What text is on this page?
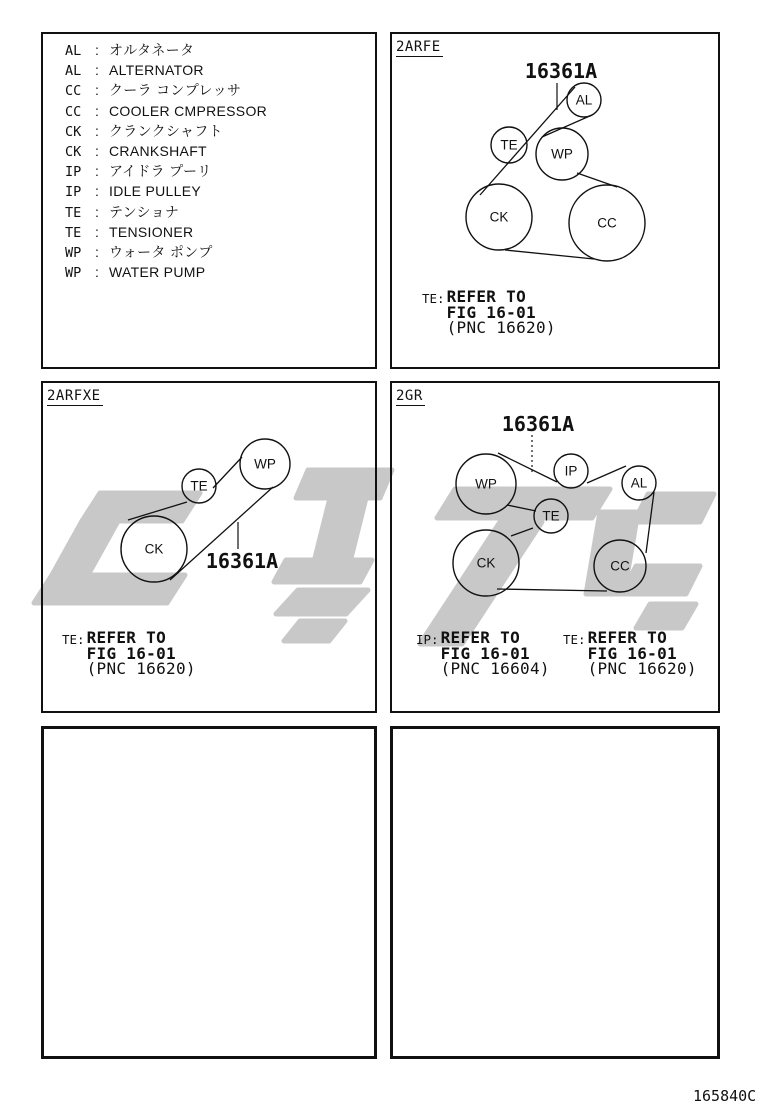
AL : オルタネータ
AL : ALTERNATOR
CC : クーラ コンプレッサ
CC : COOLER CMPRESSOR
CK : クランクシャフト
CK : CRANKSHAFT
IP : アイドラ プーリ
IP : IDLE PULLEY
TE : テンショナ
TE : TENSIONER
WP : ウォータ ポンプ
WP : WATER PUMP
2ARFE
AL
TE
WP
CK	CC
16361A
TE: REFER TO
FIG 16-01
(PNC 16620)
2ARFXE
WP
TE
CK 16361A
TE: REFER TO
FIG 16-01
(PNC 16620)
2GR
WP
IP
AL
TE
CK	CC
16361A
IP: REFER TO
FIG 16-01
(PNC 16604)
TE: REFER TO
FIG 16-01
(PNC 16620)
165840C
